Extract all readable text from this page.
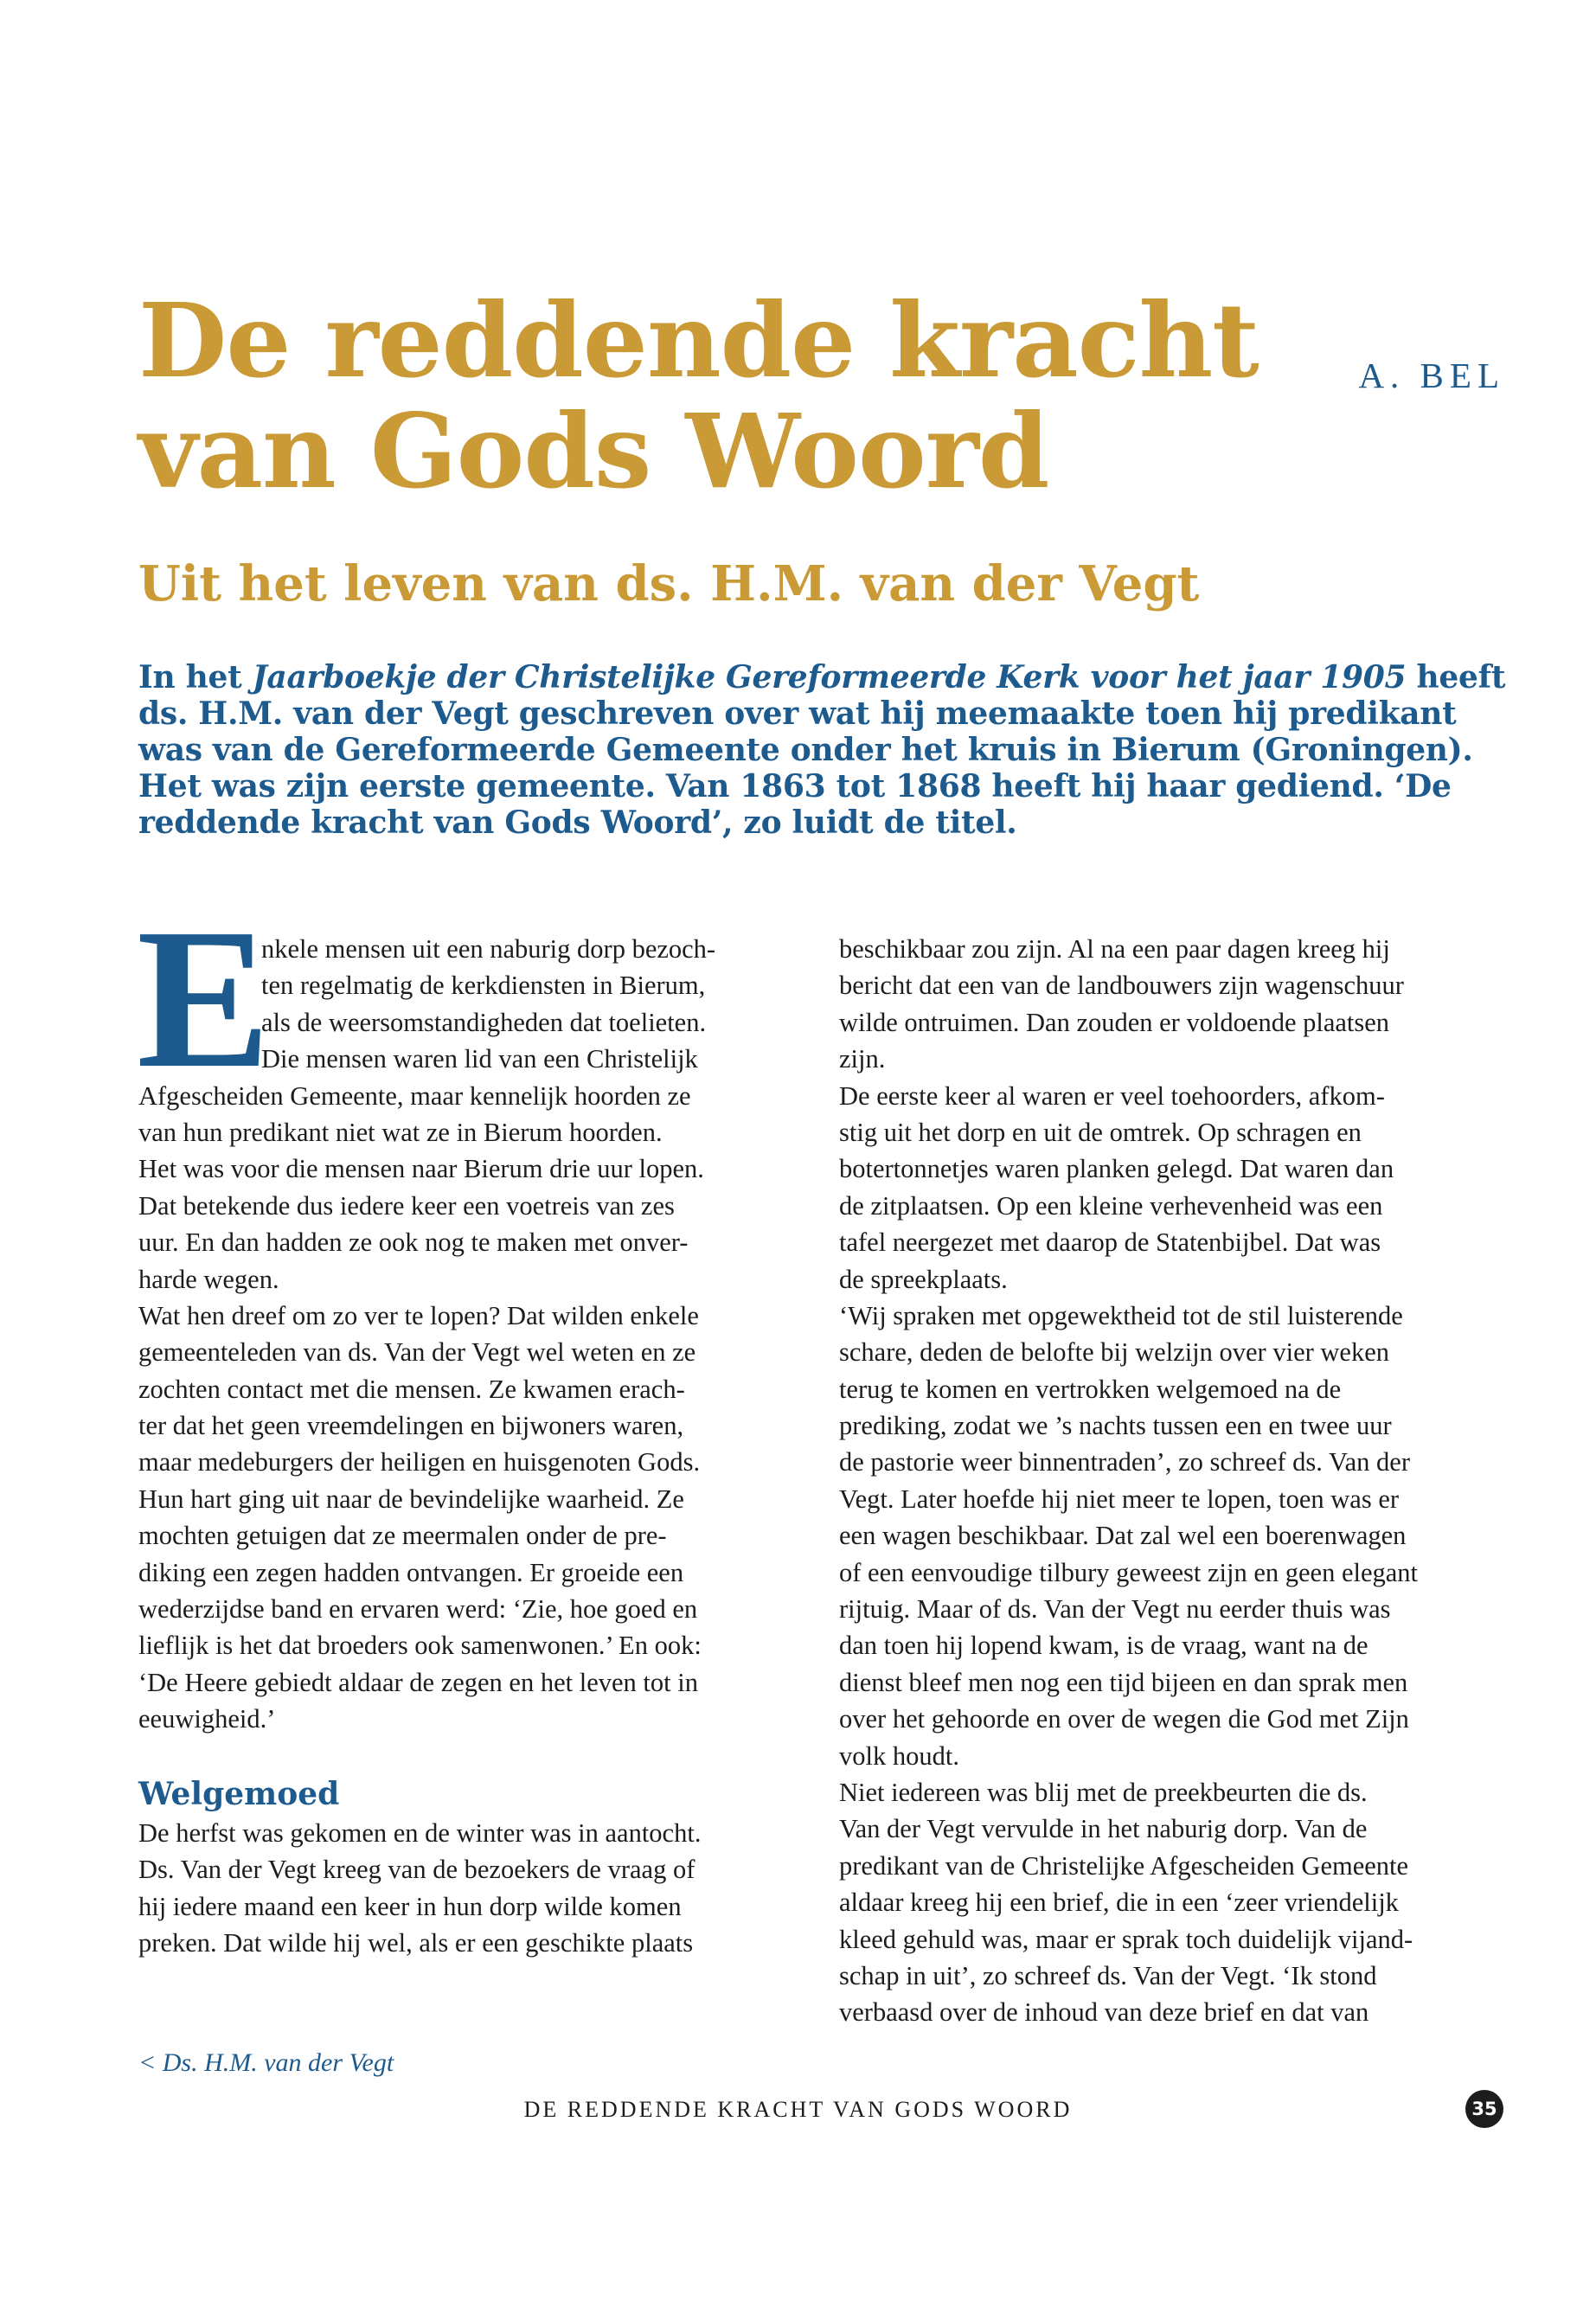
De reddende kracht
van Gods Woord
A. BEL
Uit het leven van ds. H.M. van der Vegt

In het Jaarboekje der Christelijke Gereformeerde Kerk voor het jaar 1905 heeft
ds. H.M. van der Vegt geschreven over wat hij meemaakte toen hij predikant
was van de Gereformeerde Gemeente onder het kruis in Bierum (Groningen).
Het was zijn eerste gemeente. Van 1863 tot 1868 heeft hij haar gediend. ‘De
reddende kracht van Gods Woord’, zo luidt de titel.

E
nkele mensen uit een naburig dorp bezoch-
ten regelmatig de kerkdiensten in Bierum,
als de weersomstandigheden dat toelieten.
Die mensen waren lid van een Christelijk
Afgescheiden Gemeente, maar kennelijk hoorden ze
van hun predikant niet wat ze in Bierum hoorden.
Het was voor die mensen naar Bierum drie uur lopen.
Dat betekende dus iedere keer een voetreis van zes
uur. En dan hadden ze ook nog te maken met onver-
harde wegen.
Wat hen dreef om zo ver te lopen? Dat wilden enkele
gemeenteleden van ds. Van der Vegt wel weten en ze
zochten contact met die mensen. Ze kwamen erach-
ter dat het geen vreemdelingen en bijwoners waren,
maar medeburgers der heiligen en huisgenoten Gods.
Hun hart ging uit naar de bevindelijke waarheid. Ze
mochten getuigen dat ze meermalen onder de pre-
diking een zegen hadden ontvangen. Er groeide een
wederzijdse band en ervaren werd: ‘Zie, hoe goed en
lieflijk is het dat broeders ook samenwonen.’ En ook:
‘De Heere gebiedt aldaar de zegen en het leven tot in
eeuwigheid.’
Welgemoed
De herfst was gekomen en de winter was in aantocht.
Ds. Van der Vegt kreeg van de bezoekers de vraag of
hij iedere maand een keer in hun dorp wilde komen
preken. Dat wilde hij wel, als er een geschikte plaats
< Ds. H.M. van der Vegt
beschikbaar zou zijn. Al na een paar dagen kreeg hij
bericht dat een van de landbouwers zijn wagenschuur
wilde ontruimen. Dan zouden er voldoende plaatsen
zijn.
De eerste keer al waren er veel toehoorders, afkom-
stig uit het dorp en uit de omtrek. Op schragen en
botertonnetjes waren planken gelegd. Dat waren dan
de zitplaatsen. Op een kleine verhevenheid was een
tafel neergezet met daarop de Statenbijbel. Dat was
de spreekplaats.
‘Wij spraken met opgewektheid tot de stil luisterende
schare, deden de belofte bij welzijn over vier weken
terug te komen en vertrokken welgemoed na de
prediking, zodat we ’s nachts tussen een en twee uur
de pastorie weer binnentraden’, zo schreef ds. Van der
Vegt. Later hoefde hij niet meer te lopen, toen was er
een wagen beschikbaar. Dat zal wel een boerenwagen
of een eenvoudige tilbury geweest zijn en geen elegant
rijtuig. Maar of ds. Van der Vegt nu eerder thuis was
dan toen hij lopend kwam, is de vraag, want na de
dienst bleef men nog een tijd bijeen en dan sprak men
over het gehoorde en over de wegen die God met Zijn
volk houdt.
Niet iedereen was blij met de preekbeurten die ds.
Van der Vegt vervulde in het naburig dorp. Van de
predikant van de Christelijke Afgescheiden Gemeente
aldaar kreeg hij een brief, die in een ‘zeer vriendelijk
kleed gehuld was, maar er sprak toch duidelijk vijand-
schap in uit’, zo schreef ds. Van der Vegt. ‘Ik stond
verbaasd over de inhoud van deze brief en dat van
DE REDDENDE KRACHT VAN GODS WOORD	35
